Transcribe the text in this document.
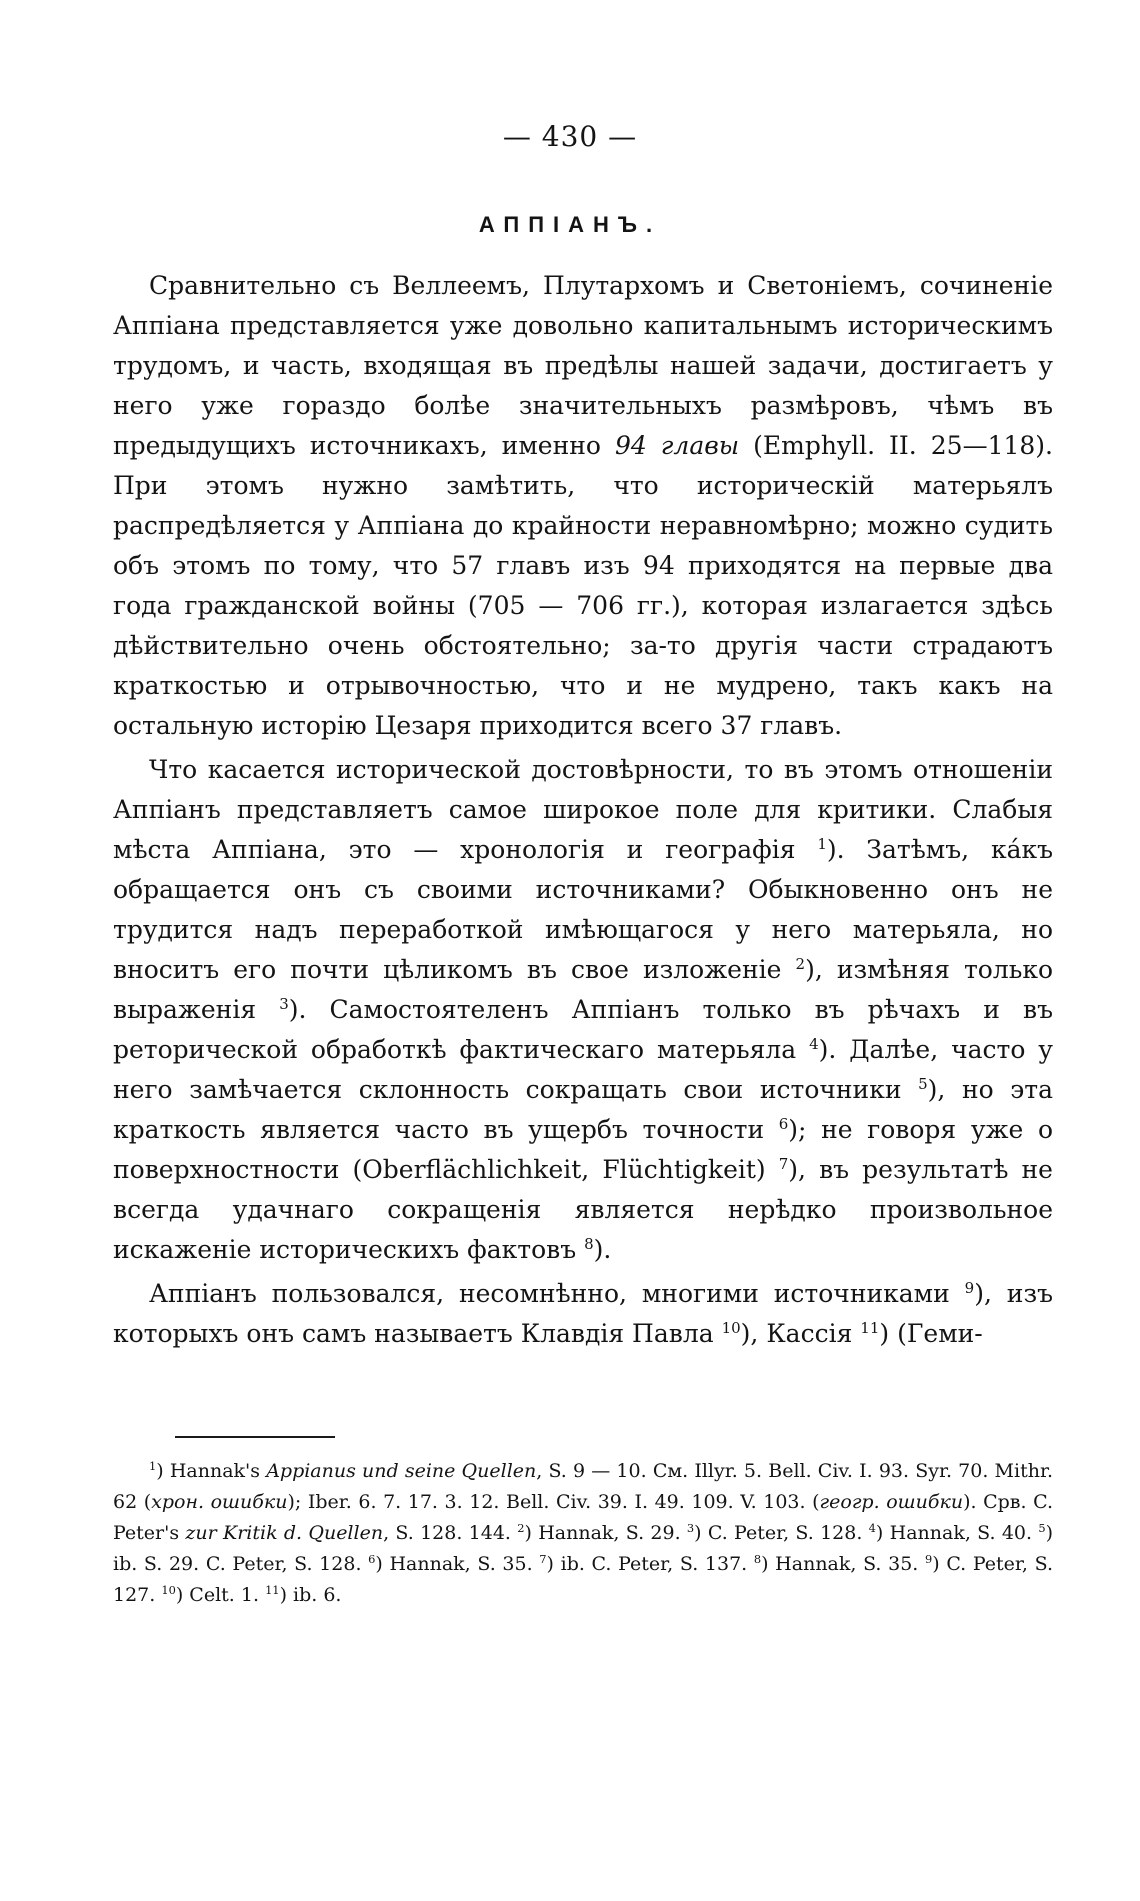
— 430 —
АППІАНЪ.

Сравнительно съ Веллеемъ, Плутархомъ и Светоніемъ, сочиненіе Аппіана представляется уже довольно капитальнымъ историческимъ трудомъ, и часть, входящая въ предѣлы нашей задачи, достигаетъ у него уже гораздо болѣе значительныхъ размѣровъ, чѣмъ въ предыдущихъ источникахъ, именно 94 главы (Emphyll. II. 25—118). При этомъ нужно замѣтить, что историческій матерьялъ распредѣляется у Аппіана до крайности неравномѣрно; можно судить объ этомъ по тому, что 57 главъ изъ 94 приходятся на первые два года гражданской войны (705 — 706 гг.), которая излагается здѣсь дѣйствительно очень обстоятельно; за-то другія части страдаютъ краткостью и отрывочностью, что и не мудрено, такъ какъ на остальную исторію Цезаря приходится всего 37 главъ.

Что касается исторической достовѣрности, то въ этомъ отношеніи Аппіанъ представляетъ самое широкое поле для критики. Слабыя мѣста Аппіана, это — хронологія и географія $^1$). Затѣмъ, ка́къ обращается онъ съ своими источниками? Обыкновенно онъ не трудится надъ переработкой имѣющагося у него матерьяла, но вноситъ его почти цѣликомъ въ свое изложеніе $^2$), измѣняя только выраженія $^3$). Самостоятеленъ Аппіанъ только въ рѣчахъ и въ реторической обработкѣ фактическаго матерьяла $^4$). Далѣе, часто у него замѣчается склонность сокращать свои источники $^5$), но эта краткость является часто въ ущербъ точности $^6$); не говоря уже о поверхностности (Oberflächlichkeit, Flüchtigkeit) $^7$), въ результатѣ не всегда удачнаго сокращенія является нерѣдко произвольное искаженіе историческихъ фактовъ $^8$).

Аппіанъ пользовался, несомнѣнно, многими источниками $^9$), изъ которыхъ онъ самъ называетъ Клавдія Павла $^{10}$), Кассія $^{11}$) (Геми-

$^1$) Hannak's Appianus und seine Quellen, S. 9 — 10. См. Illyr. 5. Bell. Civ. I. 93. Syr. 70. Mithr. 62 (хрон. ошибки); Iber. 6. 7. 17. 3. 12. Bell. Civ. 39. I. 49. 109. V. 103. (геогр. ошибки). Срв. C. Peter's zur Kritik d. Quellen, S. 128. 144. $^2$) Hannak, S. 29. $^3$) C. Peter, S. 128. $^4$) Hannak, S. 40. $^5$) ib. S. 29. C. Peter, S. 128. $^6$) Hannak, S. 35. $^7$) ib. C. Peter, S. 137. $^8$) Hannak, S. 35. $^9$) C. Peter, S. 127. $^{10}$) Celt. 1. $^{11}$) ib. 6.
